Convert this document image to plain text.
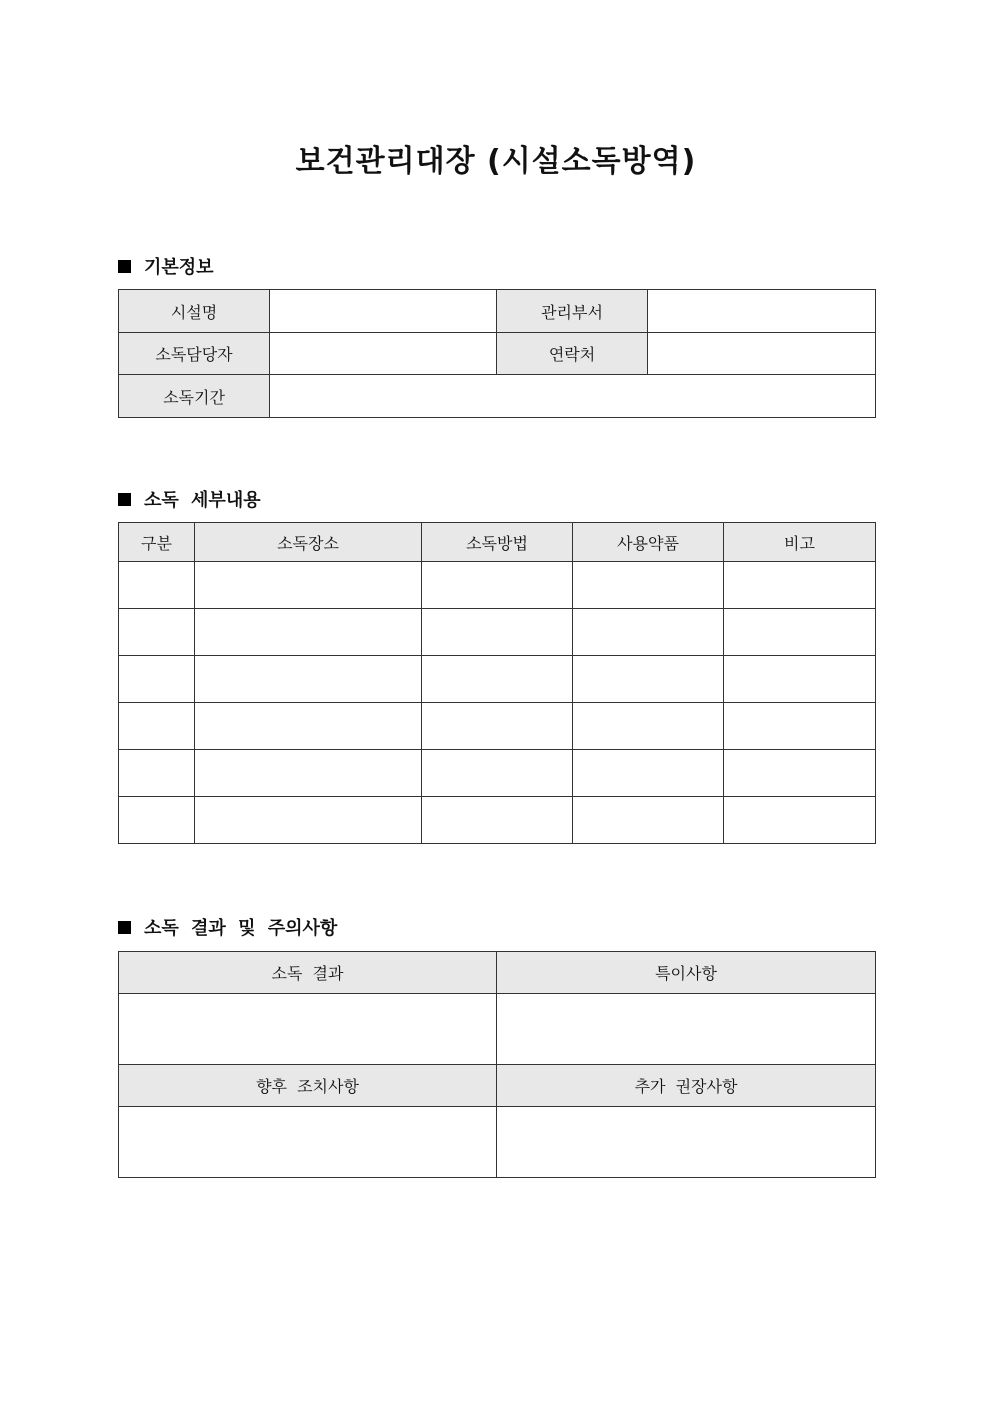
보건관리대장 (시설소독방역)
기본정보
시설명		관리부서	
소독담당자		연락처	
소독기간			
소독 세부내용
구분	소독장소	소독방법	사용약품	비고

소독 결과 및 주의사항
소독 결과	특이사항

향후 조치사항	추가 권장사항
